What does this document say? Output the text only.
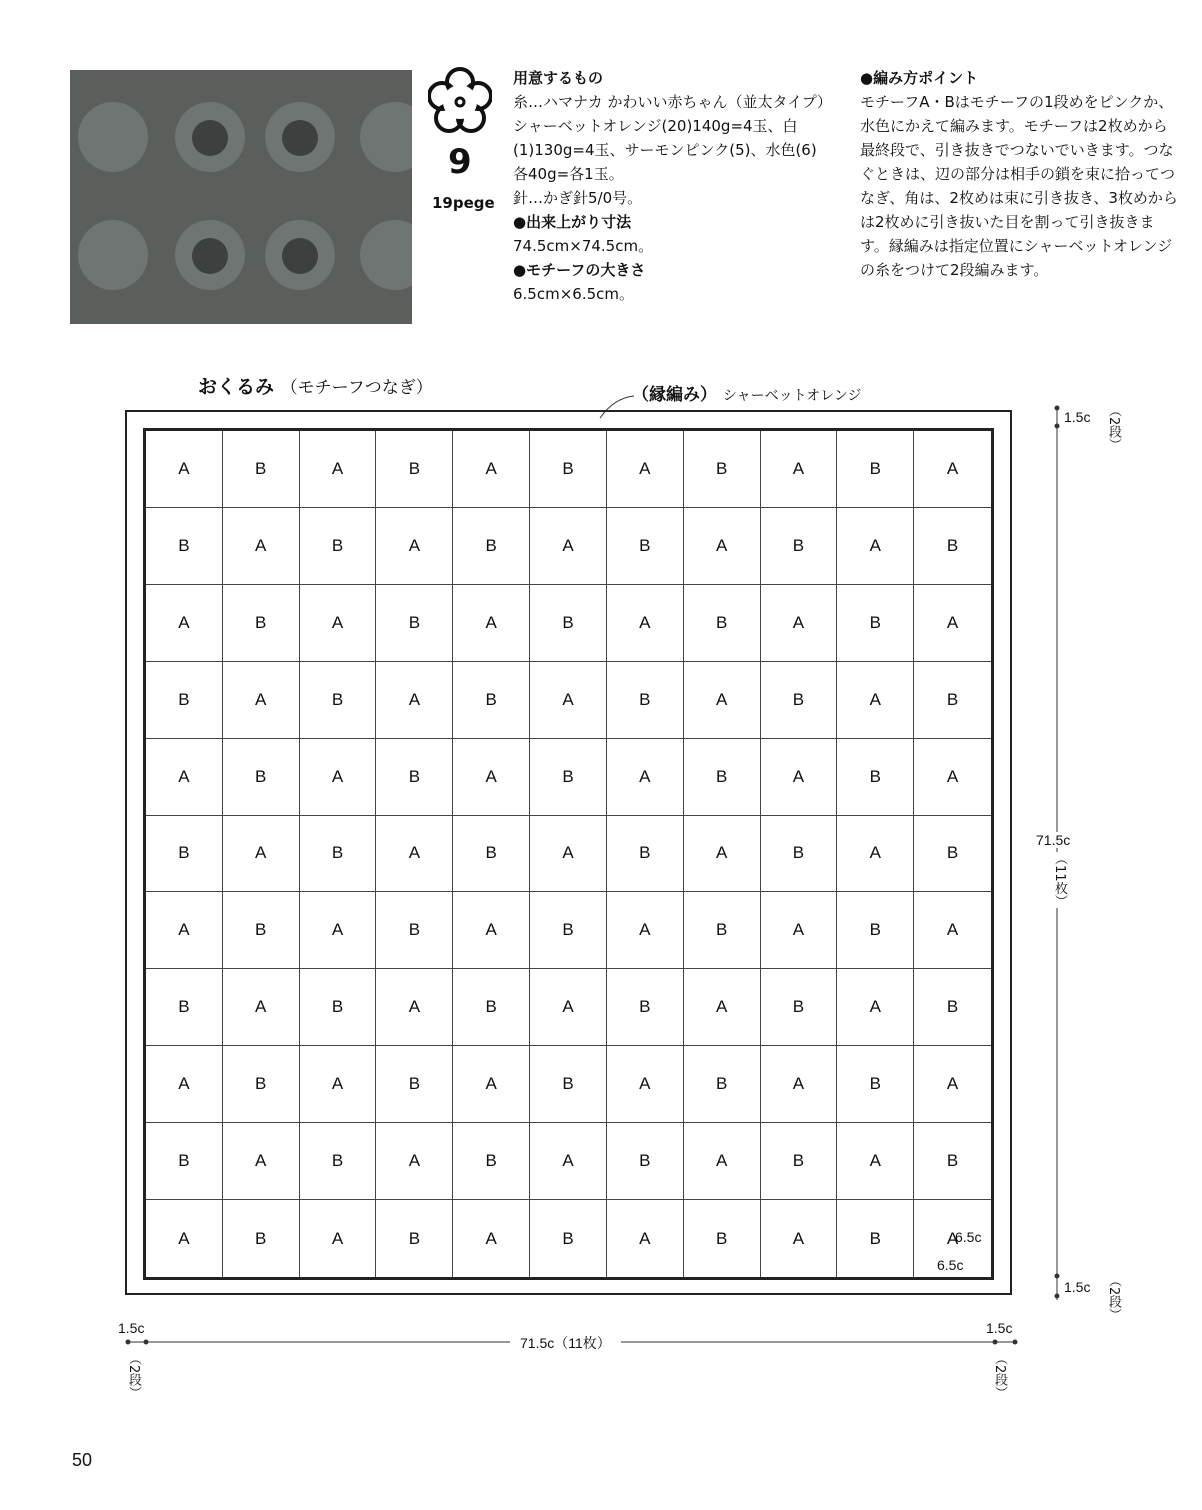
9
19pege
用意するもの
糸…ハマナカ かわいい赤ちゃん（並太タイプ）シャーベットオレンジ(20)140g=4玉、白(1)130g=4玉、サーモンピンク(5)、水色(6) 各40g=各1玉。
針…かぎ針5/0号。
●出来上がり寸法
74.5cm×74.5cm。
●モチーフの大きさ
6.5cm×6.5cm。
●編み方ポイント
モチーフA・Bはモチーフの1段めをピンクか、水色にかえて編みます。モチーフは2枚めから最終段で、引き抜きでつないでいきます。つなぐときは、辺の部分は相手の鎖を束に拾ってつなぎ、角は、2枚めは束に引き抜き、3枚めからは2枚めに引き抜いた目を割って引き抜きます。縁編みは指定位置にシャーベットオレンジの糸をつけて2段編みます。
おくるみ （モチーフつなぎ）	（縁編み） シャーベットオレンジ
A	B	A	B	A	B	A	B	A	B	A
B	A	B	A	B	A	B	A	B	A	B
A	B	A	B	A	B	A	B	A	B	A
B	A	B	A	B	A	B	A	B	A	B
A	B	A	B	A	B	A	B	A	B	A
B	A	B	A	B	A	B	A	B	A	B
A	B	A	B	A	B	A	B	A	B	A
B	A	B	A	B	A	B	A	B	A	B
A	B	A	B	A	B	A	B	A	B	A
B	A	B	A	B	A	B	A	B	A	B
A	B	A	B	A	B	A	B	A	B	A
6.5c
6.5c
1.5c （2段）
71.5c
（11枚）
1.5c （2段）
1.5c
（2段）
71.5c（11枚）
1.5c
（2段）
50
